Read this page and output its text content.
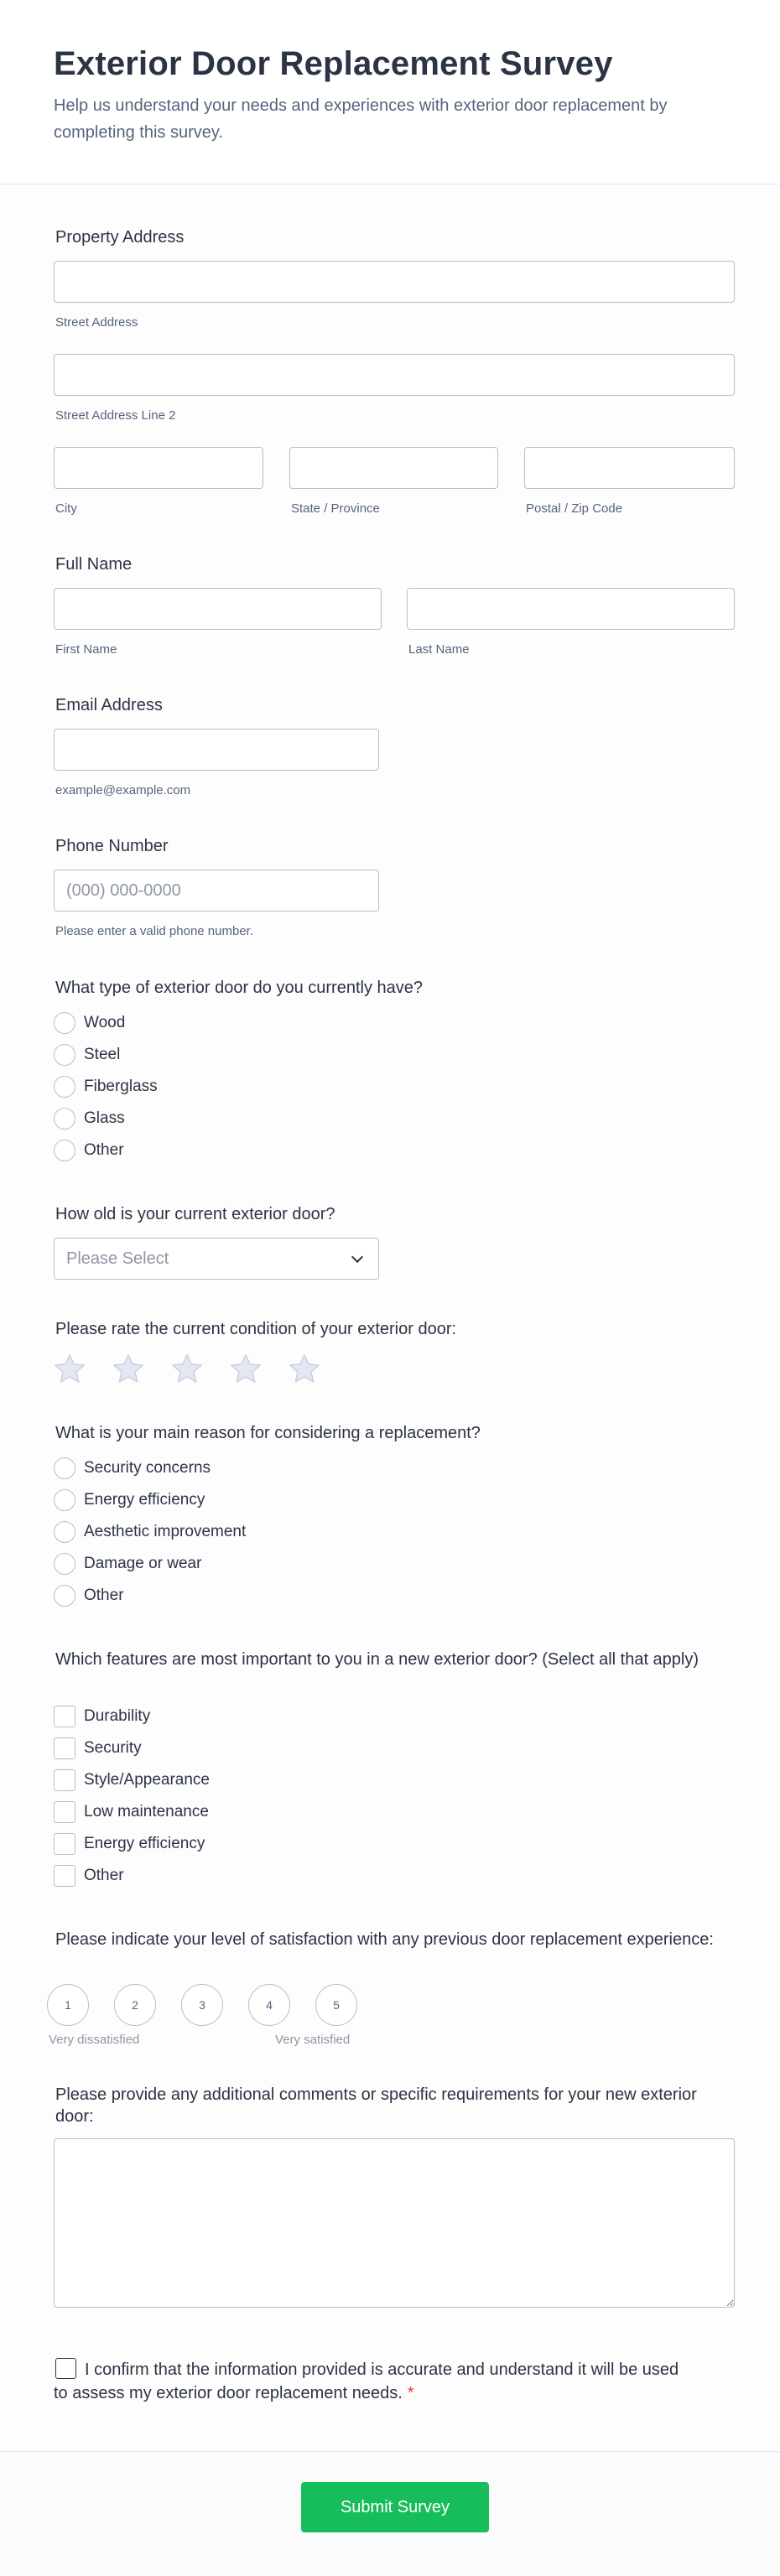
Exterior Door Replacement Survey

Help us understand your needs and experiences with exterior door replacement by completing this survey.

Property Address
Street Address
Street Address Line 2
City	State / Province	Postal / Zip Code
Full Name
First Name	Last Name
Email Address
example@example.com
Phone Number
(000) 000-0000
Please enter a valid phone number.
What type of exterior door do you currently have?
Wood
Steel
Fiberglass
Glass
Other
How old is your current exterior door?
Please Select
Please rate the current condition of your exterior door:
What is your main reason for considering a replacement?
Security concerns
Energy efficiency
Aesthetic improvement
Damage or wear
Other
Which features are most important to you in a new exterior door? (Select all that apply)
Durability
Security
Style/Appearance
Low maintenance
Energy efficiency
Other
Please indicate your level of satisfaction with any previous door replacement experience:
1	2	3	4	5
Very dissatisfied	Very satisfied
Please provide any additional comments or specific requirements for your new exterior door:
I confirm that the information provided is accurate and understand it will be used to assess my exterior door replacement needs. *
Submit Survey
